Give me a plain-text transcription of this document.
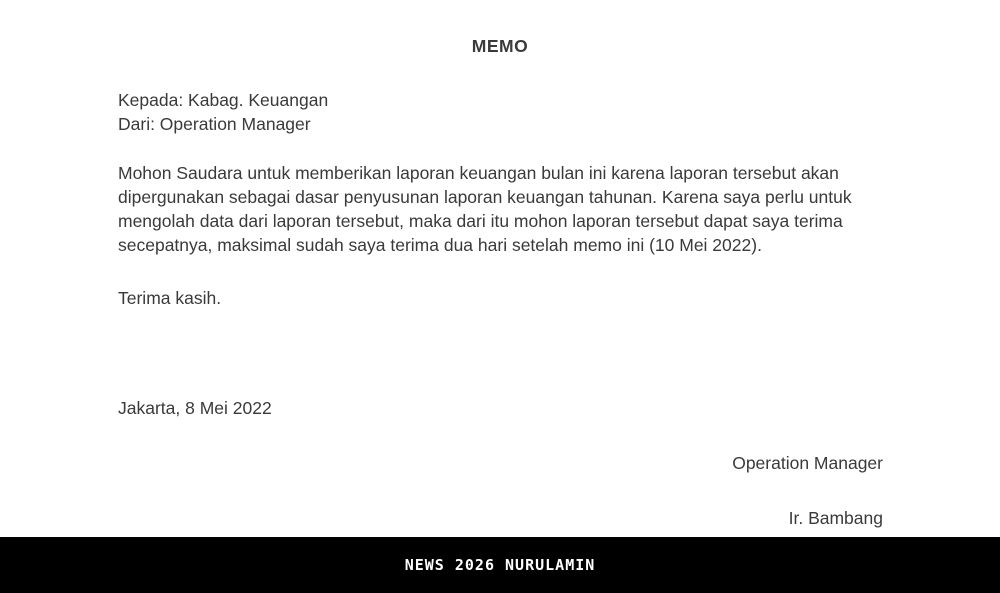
MEMO
Kepada: Kabag. Keuangan
Dari: Operation Manager
Mohon Saudara untuk memberikan laporan keuangan bulan ini karena laporan tersebut akan
dipergunakan sebagai dasar penyusunan laporan keuangan tahunan. Karena saya perlu untuk
mengolah data dari laporan tersebut, maka dari itu mohon laporan tersebut dapat saya terima
secepatnya, maksimal sudah saya terima dua hari setelah memo ini (10 Mei 2022).
Terima kasih.
Jakarta, 8 Mei 2022
Operation Manager
Ir. Bambang
NEWS 2026 NURULAMIN
